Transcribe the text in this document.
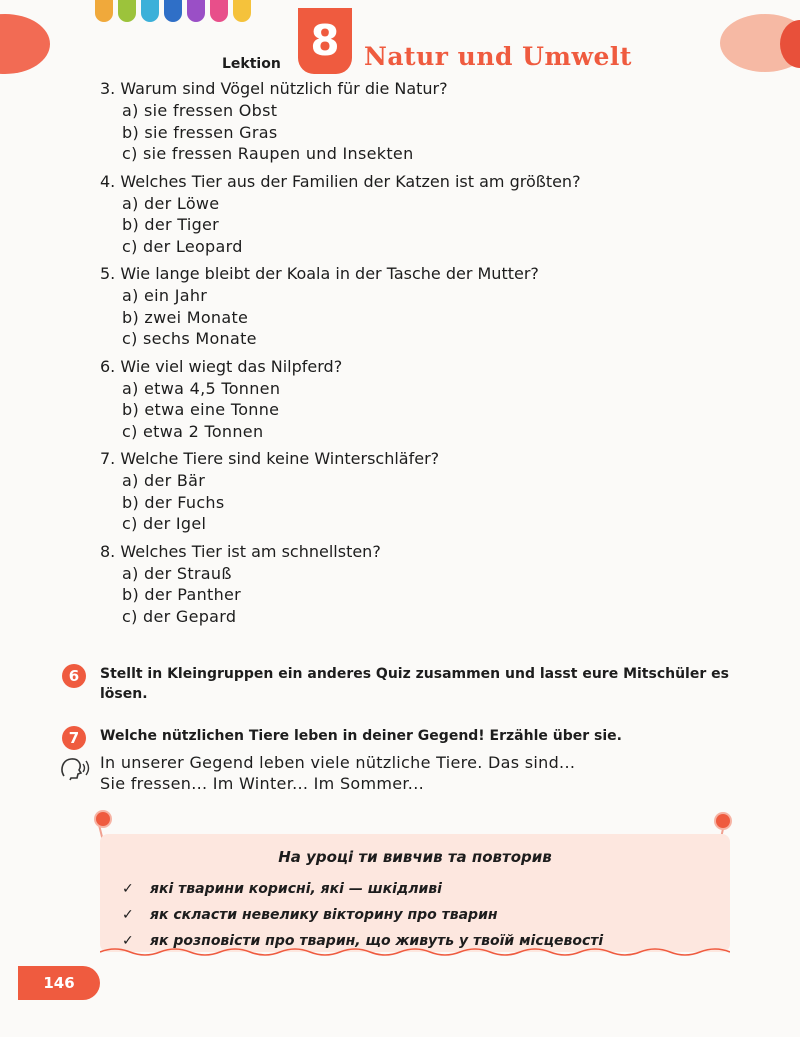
Lektion 8 Natur und Umwelt
3. Warum sind Vögel nützlich für die Natur?
a) sie fressen Obst
b) sie fressen Gras
c) sie fressen Raupen und Insekten
4. Welches Tier aus der Familien der Katzen ist am größten?
a) der Löwe
b) der Tiger
c) der Leopard
5. Wie lange bleibt der Koala in der Tasche der Mutter?
a) ein Jahr
b) zwei Monate
c) sechs Monate
6. Wie viel wiegt das Nilpferd?
a) etwa 4,5 Tonnen
b) etwa eine Tonne
c) etwa 2 Tonnen
7. Welche Tiere sind keine Winterschläfer?
a) der Bär
b) der Fuchs
c) der Igel
8. Welches Tier ist am schnellsten?
a) der Strauß
b) der Panther
c) der Gepard
6	Stellt in Kleingruppen ein anderes Quiz zusammen und lasst eure Mitschüler es lösen.
7	Welche nützlichen Tiere leben in deiner Gegend! Erzähle über sie.
In unserer Gegend leben viele nützliche Tiere. Das sind...
Sie fressen... Im Winter... Im Sommer...
На уроці ти вивчив та повторив
✓	які тварини корисні, які — шкідливі
✓	як скласти невелику вікторину про тварин
✓	як розповісти про тварин, що живуть у твоїй місцевості
146
